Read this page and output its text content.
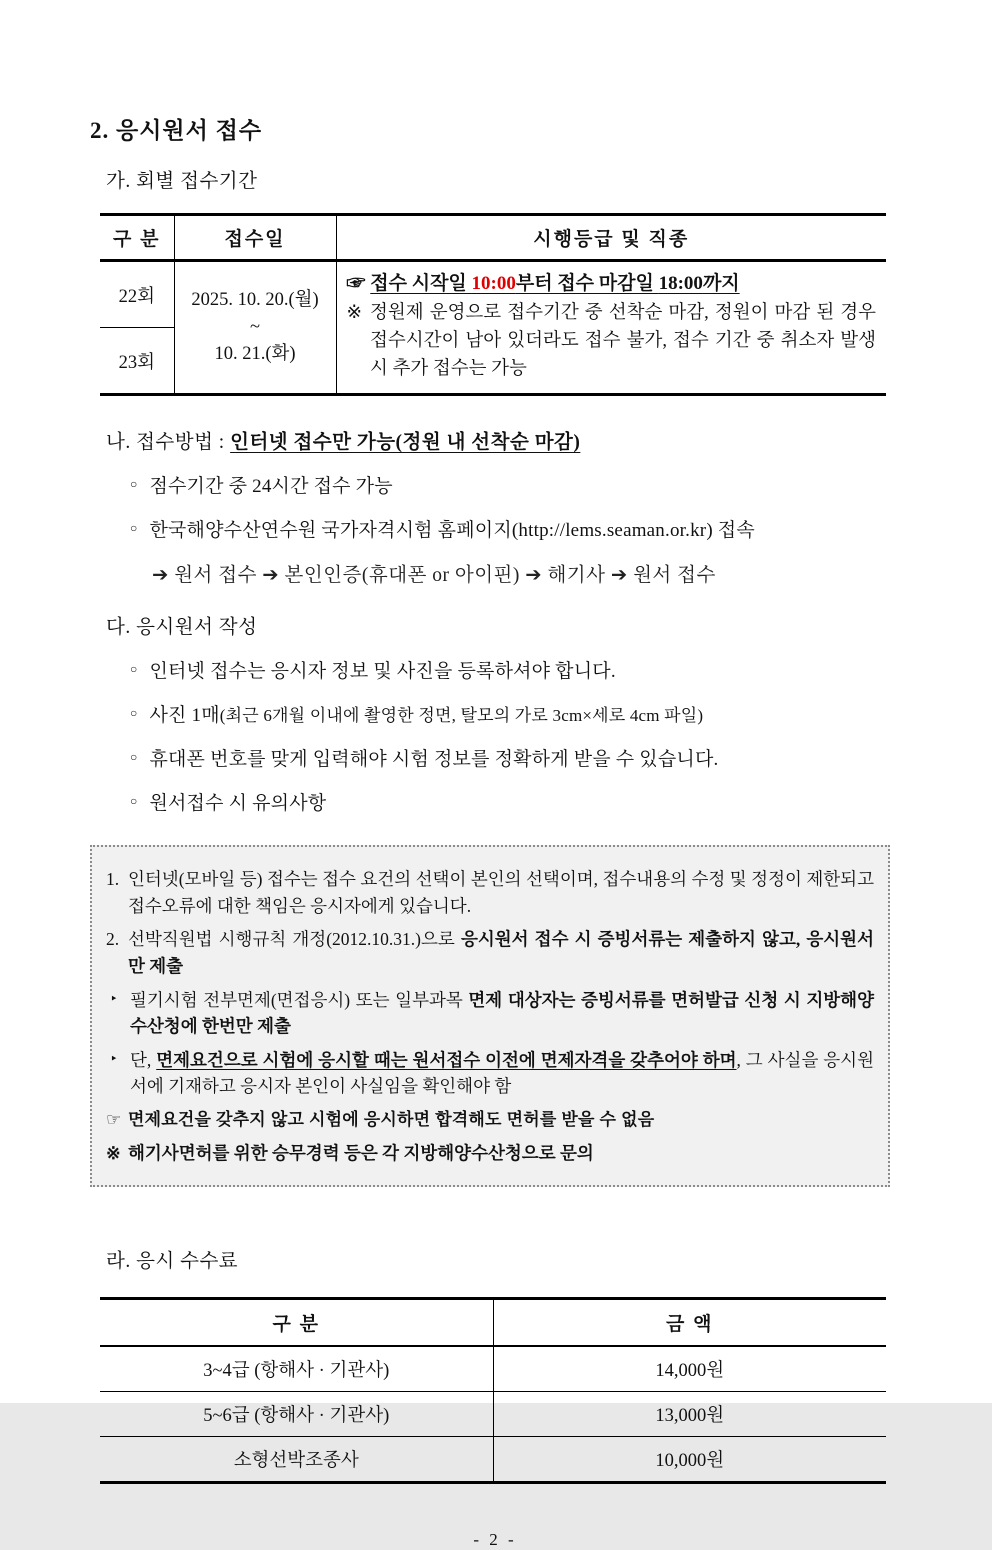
2. 응시원서 접수
가. 회별 접수기간
구 분	접수일	시행등급 및 직종
22회	2025. 10. 20.(월)
~
10. 21.(화)

☞ 접수 시작일 10:00부터 접수 마감일 18:00까지
※ 정원제 운영으로 접수기간 중 선착순 마감, 정원이 마감 된 경우 접수시간이 남아 있더라도 접수 불가, 접수 기간 중 취소자 발생 시 추가 접수는 가능

23회		
나. 접수방법 : 인터넷 접수만 가능(정원 내 선착순 마감)
○ 점수기간 중 24시간 접수 가능
○ 한국해양수산연수원 국가자격시험 홈페이지(http://lems.seaman.or.kr) 접속
➔ 원서 접수 ➔ 본인인증(휴대폰 or 아이핀) ➔ 해기사 ➔ 원서 접수
다. 응시원서 작성
○ 인터넷 접수는 응시자 정보 및 사진을 등록하셔야 합니다.
○ 사진 1매(최근 6개월 이내에 촬영한 정면, 탈모의 가로 3cm×세로 4cm 파일)
○ 휴대폰 번호를 맞게 입력해야 시험 정보를 정확하게 받을 수 있습니다.
○ 원서접수 시 유의사항
1. 인터넷(모바일 등) 접수는 접수 요건의 선택이 본인의 선택이며, 접수내용의 수정 및 정정이 제한되고 접수오류에 대한 책임은 응시자에게 있습니다.
2. 선박직원법 시행규칙 개정(2012.10.31.)으로 응시원서 접수 시 증빙서류는 제출하지 않고, 응시원서만 제출
‣ 필기시험 전부면제(면접응시) 또는 일부과목 면제 대상자는 증빙서류를 면허발급 신청 시 지방해양수산청에 한번만 제출
‣ 단, 면제요건으로 시험에 응시할 때는 원서접수 이전에 면제자격을 갖추어야 하며, 그 사실을 응시원서에 기재하고 응시자 본인이 사실임을 확인해야 함
☞ 면제요건을 갖추지 않고 시험에 응시하면 합격해도 면허를 받을 수 없음
※ 해기사면허를 위한 승무경력 등은 각 지방해양수산청으로 문의
라. 응시 수수료
구 분	금 액
3~4급 (항해사 · 기관사)	14,000원
5~6급 (항해사 · 기관사)	13,000원
소형선박조종사	10,000원
- 2 -
